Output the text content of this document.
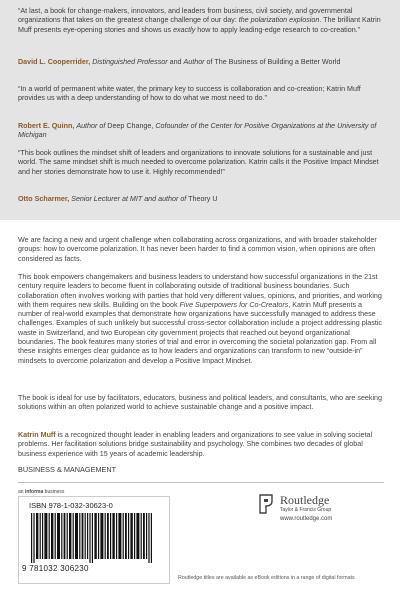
“At last, a book for change-makers, innovators, and leaders from business, civil society, and governmental organizations that takes on the greatest change challenge of our day: the polarization explosion. The brilliant Katrin Muff presents eye-opening stories and shows us exactly how to apply leading-edge research to co-creation.”
David L. Cooperrider, Distinguished Professor and Author of The Business of Building a Better World
“In a world of permanent white water, the primary key to success is collaboration and co-creation; Katrin Muff provides us with a deep understanding of how to do what we most need to do.”
Robert E. Quinn, Author of Deep Change, Cofounder of the Center for Positive Organizations at the University of Michigan
“This book outlines the mindset shift of leaders and organizations to innovate solutions for a sustainable and just world. The same mindset shift is much needed to overcome polarization. Katrin calls it the Positive Impact Mindset and her stories demonstrate how to use it. Highly recommended!”
Otto Scharmer, Senior Lecturer at MIT and author of Theory U
We are facing a new and urgent challenge when collaborating across organizations, and with broader stakeholder groups: how to overcome polarization. It has never been harder to find a common vision, when opinions are often considered as facts.
This book empowers changemakers and business leaders to understand how successful organizations in the 21st century require leaders to become fluent in collaborating outside of traditional business boundaries. Such collaboration often involves working with parties that hold very different values, opinions, and priorities, and working with them requires new skills. Building on the book Five Superpowers for Co-Creators, Katrin Muff presents a number of real-world examples that demonstrate how organizations have successfully managed to address these challenges. Examples of such unlikely but successful cross-sector collaboration include a project addressing plastic waste in Switzerland, and two European city government projects that reached out beyond organizational boundaries. The book features many stories of trial and error in overcoming the societal polarization gap. From all these insights emerges clear guidance as to how leaders and organizations can transform to new “outside-in” mindsets to overcome polarization and develop a Positive Impact Mindset.
The book is ideal for use by facilitators, educators, business and political leaders, and consultants, who are seeking solutions within an often polarized world to achieve sustainable change and a positive impact.
Katrin Muff is a recognized thought leader in enabling leaders and organizations to see value in solving societal problems. Her facilitation solutions bridge sustainability and psychology. She combines two decades of global business experience with 15 years of academic leadership.
BUSINESS & MANAGEMENT
an informa business
ISBN 978-1-032-30623-0
9 781032 306230
Routledge
Taylor & Francis Group
www.routledge.com
Routledge titles are available as eBook editions in a range of digital formats
